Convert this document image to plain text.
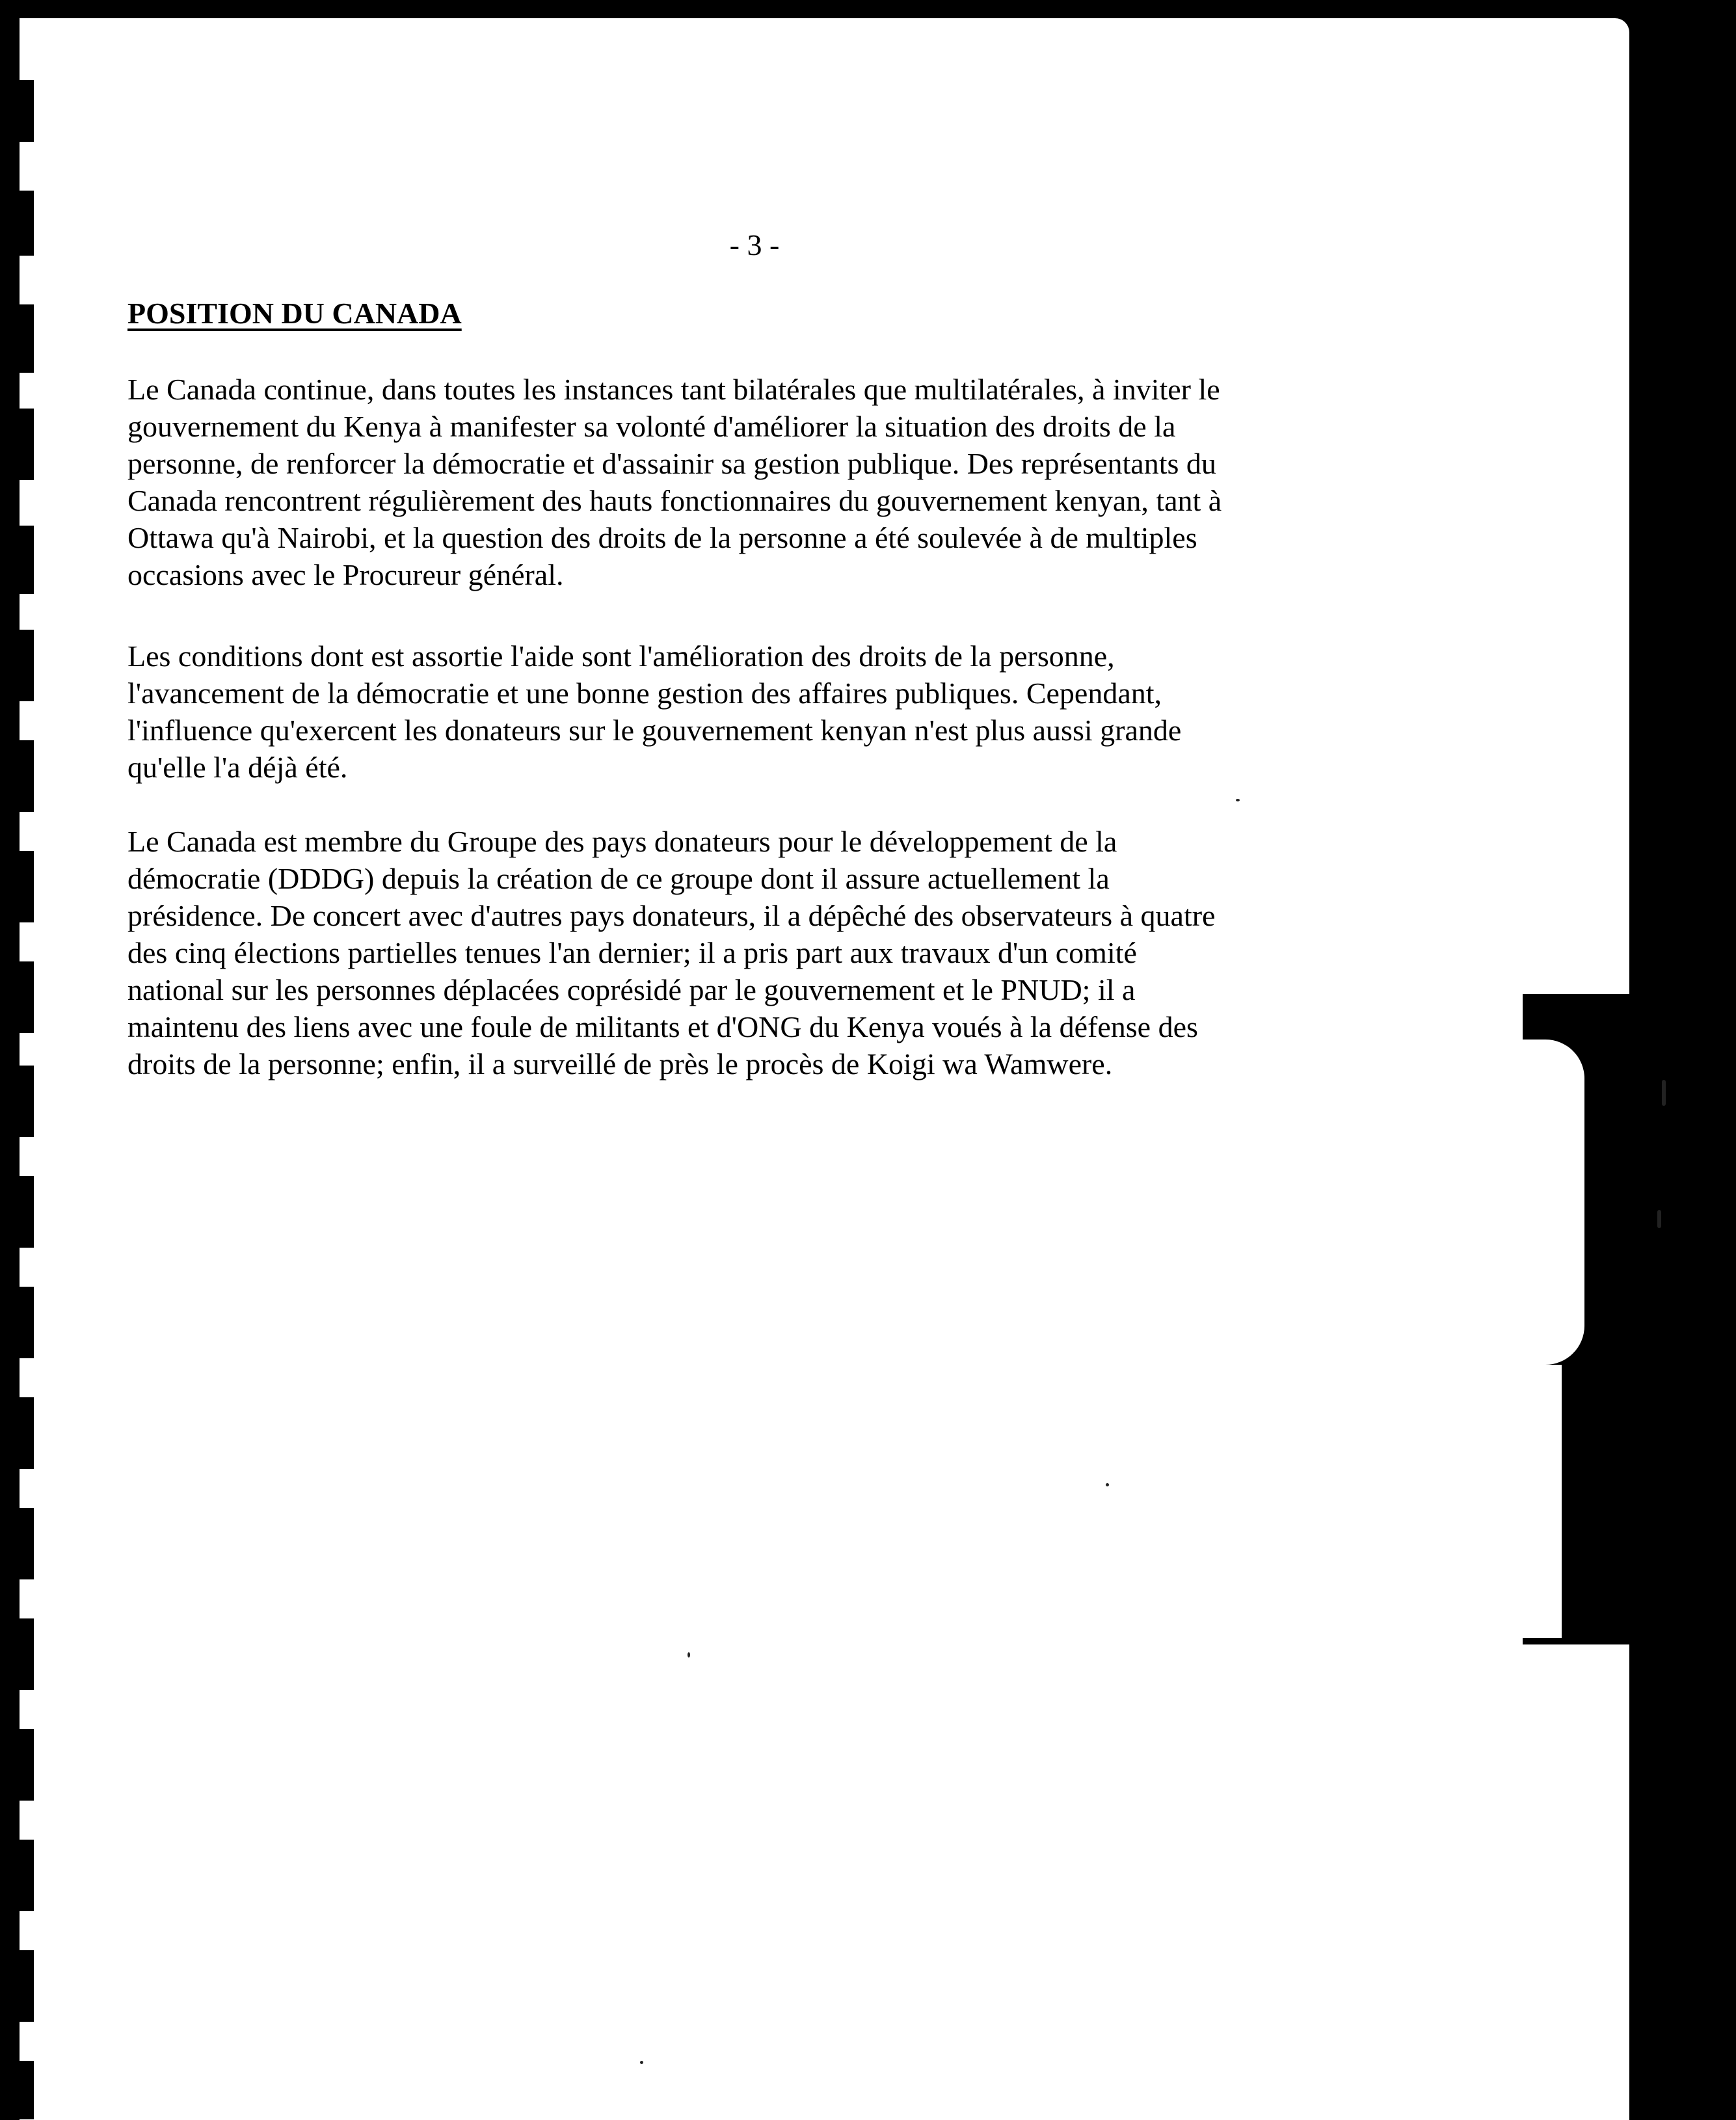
- 3 -
POSITION DU CANADA
Le Canada continue, dans toutes les instances tant bilatérales que multilatérales, à inviter le
gouvernement du Kenya à manifester sa volonté d'améliorer la situation des droits de la
personne, de renforcer la démocratie et d'assainir sa gestion publique. Des représentants du
Canada rencontrent régulièrement des hauts fonctionnaires du gouvernement kenyan, tant à
Ottawa qu'à Nairobi, et la question des droits de la personne a été soulevée à de multiples
occasions avec le Procureur général.
Les conditions dont est assortie l'aide sont l'amélioration des droits de la personne,
l'avancement de la démocratie et une bonne gestion des affaires publiques. Cependant,
l'influence qu'exercent les donateurs sur le gouvernement kenyan n'est plus aussi grande
qu'elle l'a déjà été.
Le Canada est membre du Groupe des pays donateurs pour le développement de la
démocratie (DDDG) depuis la création de ce groupe dont il assure actuellement la
présidence. De concert avec d'autres pays donateurs, il a dépêché des observateurs à quatre
des cinq élections partielles tenues l'an dernier; il a pris part aux travaux d'un comité
national sur les personnes déplacées coprésidé par le gouvernement et le PNUD; il a
maintenu des liens avec une foule de militants et d'ONG du Kenya voués à la défense des
droits de la personne; enfin, il a surveillé de près le procès de Koigi wa Wamwere.
10
11
